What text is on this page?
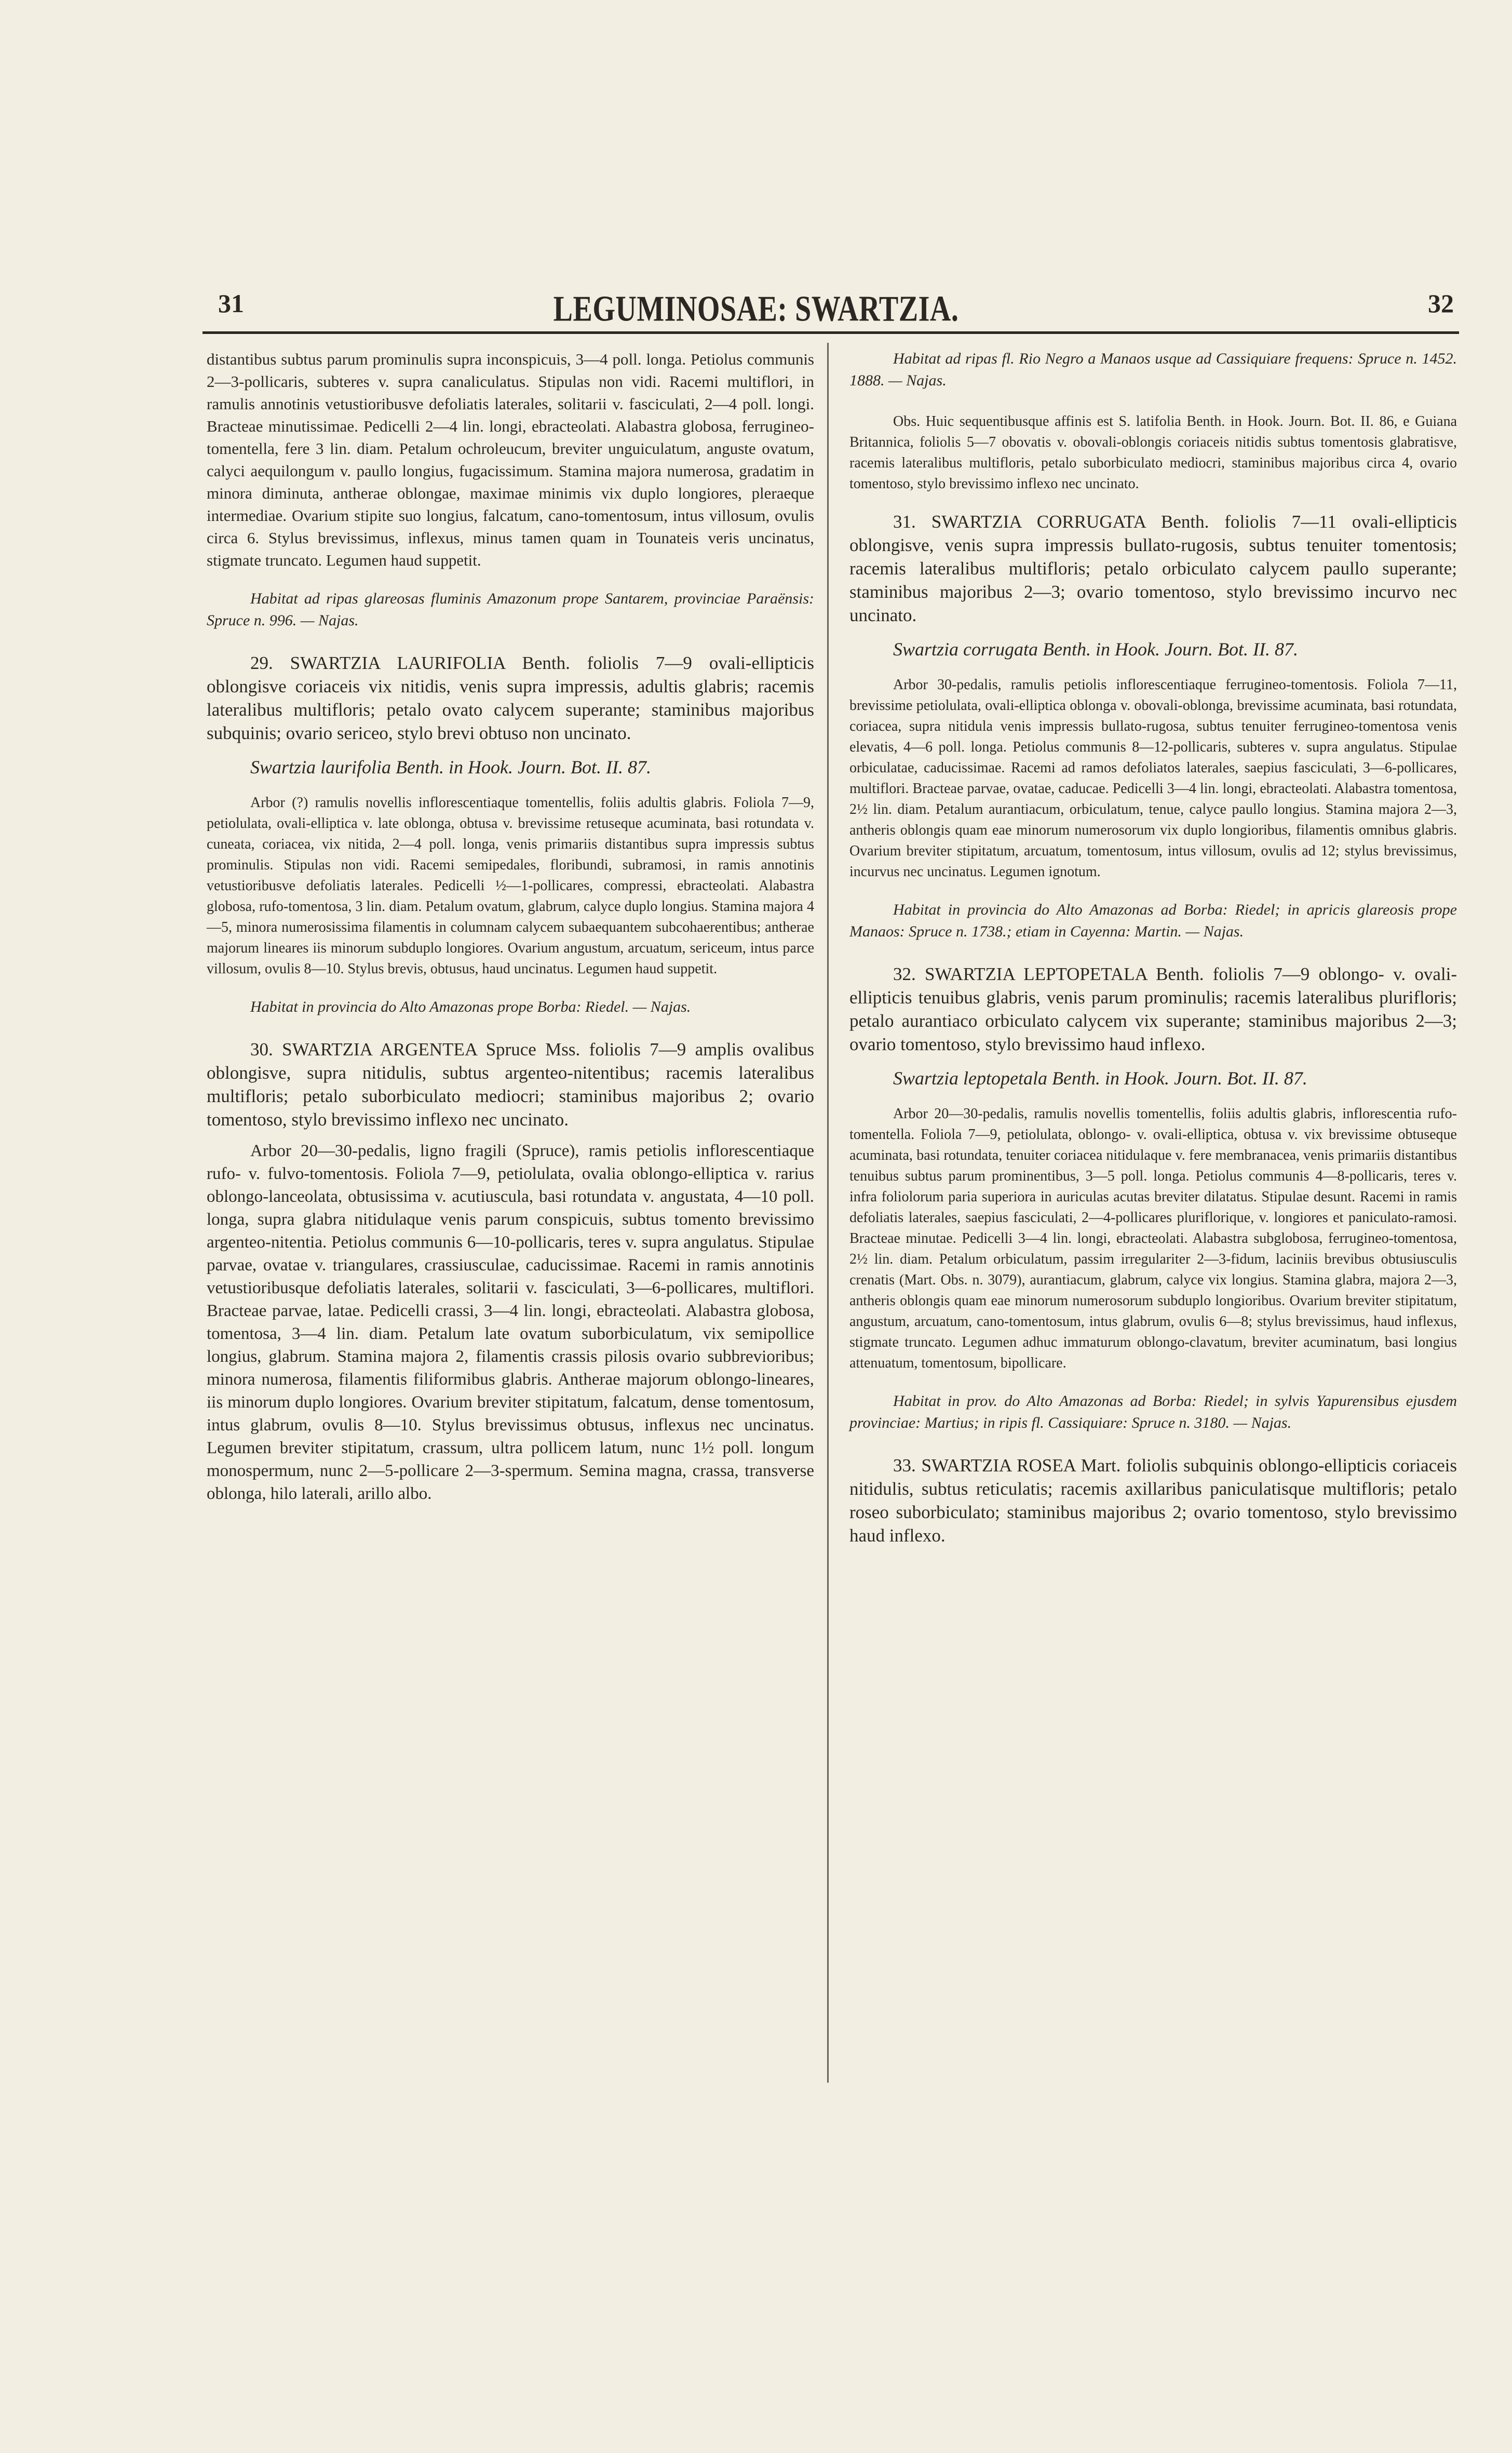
31	LEGUMINOSAE: SWARTZIA.	32

distantibus subtus parum prominulis supra inconspicuis, 3—4 poll. longa. Petiolus communis 2—3-pollicaris, subteres v. supra canaliculatus. Stipulas non vidi. Racemi multiflori, in ramulis annotinis vetustioribusve defoliatis laterales, solitarii v. fasciculati, 2—4 poll. longi. Bracteae minutissimae. Pedicelli 2—4 lin. longi, ebracteolati. Alabastra globosa, ferrugineo-tomentella, fere 3 lin. diam. Petalum ochroleucum, breviter unguiculatum, anguste ovatum, calyci aequilongum v. paullo longius, fugacissimum. Stamina majora numerosa, gradatim in minora diminuta, antherae oblongae, maximae minimis vix duplo longiores, pleraeque intermediae. Ovarium stipite suo longius, falcatum, cano-tomentosum, intus villosum, ovulis circa 6. Stylus brevissimus, inflexus, minus tamen quam in Tounateis veris uncinatus, stigmate truncato. Legumen haud suppetit.

Habitat ad ripas glareosas fluminis Amazonum prope Santarem, provinciae Paraënsis: Spruce n. 996. — Najas.

29. SWARTZIA LAURIFOLIA Benth. foliolis 7—9 ovali-ellipticis oblongisve coriaceis vix nitidis, venis supra impressis, adultis glabris; racemis lateralibus multifloris; petalo ovato calycem superante; staminibus majoribus subquinis; ovario sericeo, stylo brevi obtuso non uncinato.

Swartzia laurifolia Benth. in Hook. Journ. Bot. II. 87.

Arbor (?) ramulis novellis inflorescentiaque tomentellis, foliis adultis glabris. Foliola 7—9, petiolulata, ovali-elliptica v. late oblonga, obtusa v. brevissime retuseque acuminata, basi rotundata v. cuneata, coriacea, vix nitida, 2—4 poll. longa, venis primariis distantibus supra impressis subtus prominulis. Stipulas non vidi. Racemi semipedales, floribundi, subramosi, in ramis annotinis vetustioribusve defoliatis laterales. Pedicelli ½—1-pollicares, compressi, ebracteolati. Alabastra globosa, rufo-tomentosa, 3 lin. diam. Petalum ovatum, glabrum, calyce duplo longius. Stamina majora 4—5, minora numerosissima filamentis in columnam calycem subaequantem subcohaerentibus; antherae majorum lineares iis minorum subduplo longiores. Ovarium angustum, arcuatum, sericeum, intus parce villosum, ovulis 8—10. Stylus brevis, obtusus, haud uncinatus. Legumen haud suppetit.

Habitat in provincia do Alto Amazonas prope Borba: Riedel. — Najas.

30. SWARTZIA ARGENTEA Spruce Mss. foliolis 7—9 amplis ovalibus oblongisve, supra nitidulis, subtus argenteo-nitentibus; racemis lateralibus multifloris; petalo suborbiculato mediocri; staminibus majoribus 2; ovario tomentoso, stylo brevissimo inflexo nec uncinato.

Arbor 20—30-pedalis, ligno fragili (Spruce), ramis petiolis inflorescentiaque rufo- v. fulvo-tomentosis. Foliola 7—9, petiolulata, ovalia oblongo-elliptica v. rarius oblongo-lanceolata, obtusissima v. acutiuscula, basi rotundata v. angustata, 4—10 poll. longa, supra glabra nitidulaque venis parum conspicuis, subtus tomento brevissimo argenteo-nitentia. Petiolus communis 6—10-pollicaris, teres v. supra angulatus. Stipulae parvae, ovatae v. triangulares, crassiusculae, caducissimae. Racemi in ramis annotinis vetustioribusque defoliatis laterales, solitarii v. fasciculati, 3—6-pollicares, multiflori. Bracteae parvae, latae. Pedicelli crassi, 3—4 lin. longi, ebracteolati. Alabastra globosa, tomentosa, 3—4 lin. diam. Petalum late ovatum suborbiculatum, vix semipollice longius, glabrum. Stamina majora 2, filamentis crassis pilosis ovario subbrevioribus; minora numerosa, filamentis filiformibus glabris. Antherae majorum oblongo-lineares, iis minorum duplo longiores. Ovarium breviter stipitatum, falcatum, dense tomentosum, intus glabrum, ovulis 8—10. Stylus brevissimus obtusus, inflexus nec uncinatus. Legumen breviter stipitatum, crassum, ultra pollicem latum, nunc 1½ poll. longum monospermum, nunc 2—5-pollicare 2—3-spermum. Semina magna, crassa, transverse oblonga, hilo laterali, arillo albo.

Habitat ad ripas fl. Rio Negro a Manaos usque ad Cassiquiare frequens: Spruce n. 1452. 1888. — Najas.

Obs. Huic sequentibusque affinis est S. latifolia Benth. in Hook. Journ. Bot. II. 86, e Guiana Britannica, foliolis 5—7 obovatis v. obovali-oblongis coriaceis nitidis subtus tomentosis glabratisve, racemis lateralibus multifloris, petalo suborbiculato mediocri, staminibus majoribus circa 4, ovario tomentoso, stylo brevissimo inflexo nec uncinato.

31. SWARTZIA CORRUGATA Benth. foliolis 7—11 ovali-ellipticis oblongisve, venis supra impressis bullato-rugosis, subtus tenuiter tomentosis; racemis lateralibus multifloris; petalo orbiculato calycem paullo superante; staminibus majoribus 2—3; ovario tomentoso, stylo brevissimo incurvo nec uncinato.

Swartzia corrugata Benth. in Hook. Journ. Bot. II. 87.

Arbor 30-pedalis, ramulis petiolis inflorescentiaque ferrugineo-tomentosis. Foliola 7—11, brevissime petiolulata, ovali-elliptica oblonga v. obovali-oblonga, brevissime acuminata, basi rotundata, coriacea, supra nitidula venis impressis bullato-rugosa, subtus tenuiter ferrugineo-tomentosa venis elevatis, 4—6 poll. longa. Petiolus communis 8—12-pollicaris, subteres v. supra angulatus. Stipulae orbiculatae, caducissimae. Racemi ad ramos defoliatos laterales, saepius fasciculati, 3—6-pollicares, multiflori. Bracteae parvae, ovatae, caducae. Pedicelli 3—4 lin. longi, ebracteolati. Alabastra tomentosa, 2½ lin. diam. Petalum aurantiacum, orbiculatum, tenue, calyce paullo longius. Stamina majora 2—3, antheris oblongis quam eae minorum numerosorum vix duplo longioribus, filamentis omnibus glabris. Ovarium breviter stipitatum, arcuatum, tomentosum, intus villosum, ovulis ad 12; stylus brevissimus, incurvus nec uncinatus. Legumen ignotum.

Habitat in provincia do Alto Amazonas ad Borba: Riedel; in apricis glareosis prope Manaos: Spruce n. 1738.; etiam in Cayenna: Martin. — Najas.

32. SWARTZIA LEPTOPETALA Benth. foliolis 7—9 oblongo- v. ovali-ellipticis tenuibus glabris, venis parum prominulis; racemis lateralibus plurifloris; petalo aurantiaco orbiculato calycem vix superante; staminibus majoribus 2—3; ovario tomentoso, stylo brevissimo haud inflexo.

Swartzia leptopetala Benth. in Hook. Journ. Bot. II. 87.

Arbor 20—30-pedalis, ramulis novellis tomentellis, foliis adultis glabris, inflorescentia rufo-tomentella. Foliola 7—9, petiolulata, oblongo- v. ovali-elliptica, obtusa v. vix brevissime obtuseque acuminata, basi rotundata, tenuiter coriacea nitidulaque v. fere membranacea, venis primariis distantibus tenuibus subtus parum prominentibus, 3—5 poll. longa. Petiolus communis 4—8-pollicaris, teres v. infra foliolorum paria superiora in auriculas acutas breviter dilatatus. Stipulae desunt. Racemi in ramis defoliatis laterales, saepius fasciculati, 2—4-pollicares pluriflorique, v. longiores et paniculato-ramosi. Bracteae minutae. Pedicelli 3—4 lin. longi, ebracteolati. Alabastra subglobosa, ferrugineo-tomentosa, 2½ lin. diam. Petalum orbiculatum, passim irregulariter 2—3-fidum, laciniis brevibus obtusiusculis crenatis (Mart. Obs. n. 3079), aurantiacum, glabrum, calyce vix longius. Stamina glabra, majora 2—3, antheris oblongis quam eae minorum numerosorum subduplo longioribus. Ovarium breviter stipitatum, angustum, arcuatum, cano-tomentosum, intus glabrum, ovulis 6—8; stylus brevissimus, haud inflexus, stigmate truncato. Legumen adhuc immaturum oblongo-clavatum, breviter acuminatum, basi longius attenuatum, tomentosum, bipollicare.

Habitat in prov. do Alto Amazonas ad Borba: Riedel; in sylvis Yapurensibus ejusdem provinciae: Martius; in ripis fl. Cassiquiare: Spruce n. 3180. — Najas.

33. SWARTZIA ROSEA Mart. foliolis subquinis oblongo-ellipticis coriaceis nitidulis, subtus reticulatis; racemis axillaribus paniculatisque multifloris; petalo roseo suborbiculato; staminibus majoribus 2; ovario tomentoso, stylo brevissimo haud inflexo.
